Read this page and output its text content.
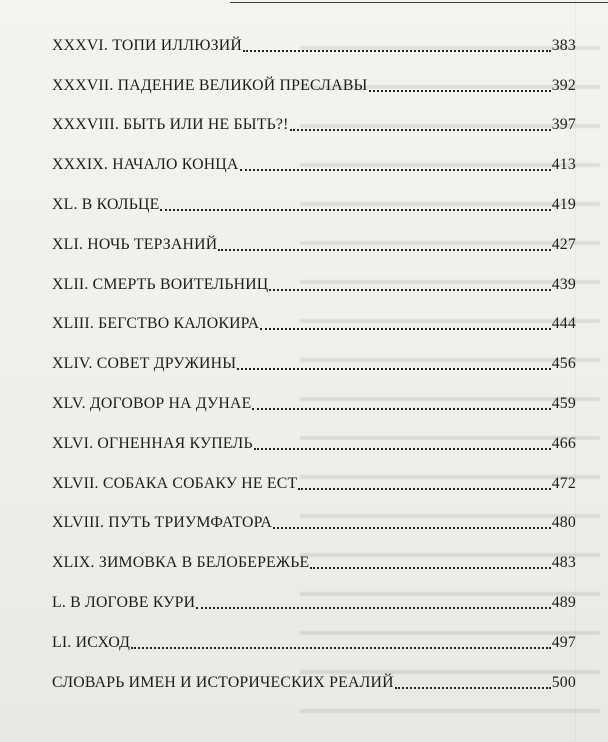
XXXVI. ТОПИ ИЛЛЮЗИЙ	383
XXXVII. ПАДЕНИЕ ВЕЛИКОЙ ПРЕСЛАВЫ	392
XXXVIII. БЫТЬ ИЛИ НЕ БЫТЬ?!	397
XXXIX. НАЧАЛО КОНЦА	413
XL. В КОЛЬЦЕ	419
XLI. НОЧЬ ТЕРЗАНИЙ	427
XLII. СМЕРТЬ ВОИТЕЛЬНИЦ	439
XLIII. БЕГСТВО КАЛОКИРА	444
XLIV. СОВЕТ ДРУЖИНЫ	456
XLV. ДОГОВОР НА ДУНАЕ	459
XLVI. ОГНЕННАЯ КУПЕЛЬ	466
XLVII. СОБАКА СОБАКУ НЕ ЕСТ	472
XLVIII. ПУТЬ ТРИУМФАТОРА	480
XLIX. ЗИМОВКА В БЕЛОБЕРЕЖЬЕ	483
L. В ЛОГОВЕ КУРИ	489
LI. ИСХОД	497
СЛОВАРЬ ИМЕН И ИСТОРИЧЕСКИХ РЕАЛИЙ	500
